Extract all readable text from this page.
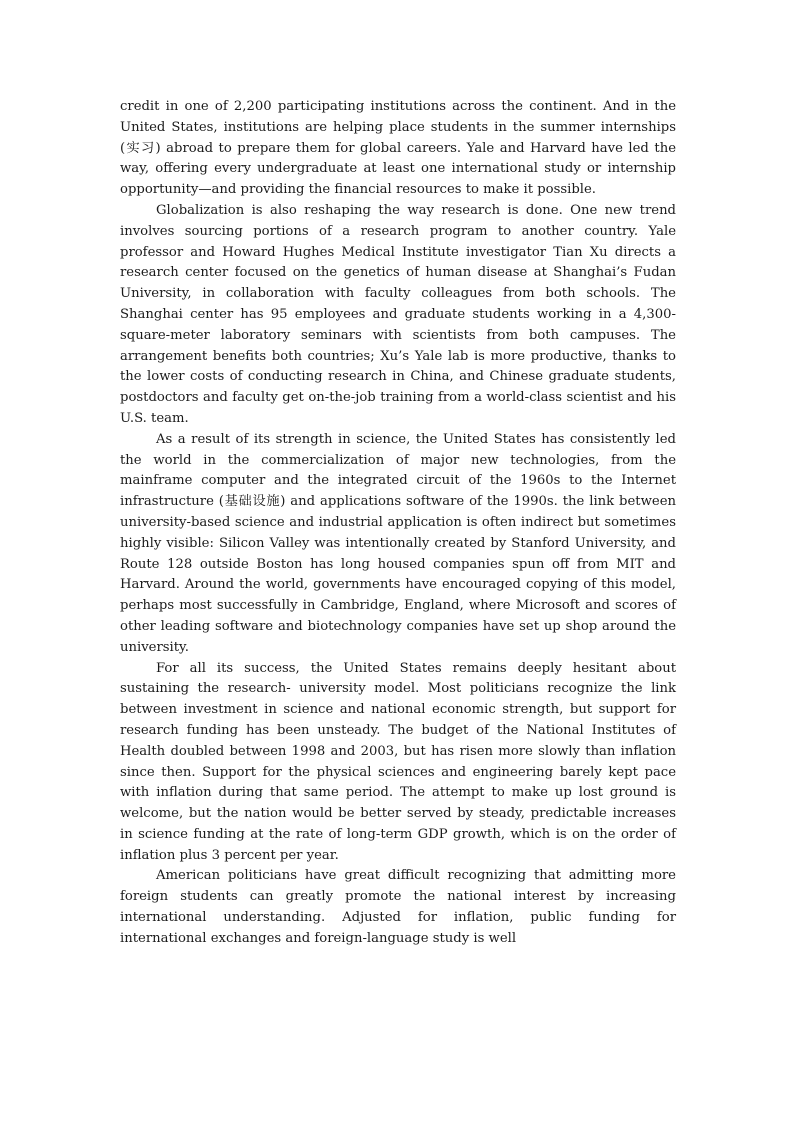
credit in one of 2,200 participating institutions across the continent. And in the United States, institutions are helping place students in the summer internships (实习) abroad to prepare them for global careers. Yale and Harvard have led the way, offering every undergraduate at least one international study or internship opportunity—and providing the financial resources to make it possible.

Globalization is also reshaping the way research is done. One new trend involves sourcing portions of a research program to another country. Yale professor and Howard Hughes Medical Institute investigator Tian Xu directs a research center focused on the genetics of human disease at Shanghai’s Fudan University, in collaboration with faculty colleagues from both schools. The Shanghai center has 95 employees and graduate students working in a 4,300-square-meter laboratory seminars with scientists from both campuses. The arrangement benefits both countries; Xu’s Yale lab is more productive, thanks to the lower costs of conducting research in China, and Chinese graduate students, postdoctors and faculty get on-the-job training from a world-class scientist and his U.S. team.

As a result of its strength in science, the United States has consistently led the world in the commercialization of major new technologies, from the mainframe computer and the integrated circuit of the 1960s to the Internet infrastructure (基础设施) and applications software of the 1990s. the link between university-based science and industrial application is often indirect but sometimes highly visible: Silicon Valley was intentionally created by Stanford University, and Route 128 outside Boston has long housed companies spun off from MIT and Harvard. Around the world, governments have encouraged copying of this model, perhaps most successfully in Cambridge, England, where Microsoft and scores of other leading software and biotechnology companies have set up shop around the university.

For all its success, the United States remains deeply hesitant about sustaining the research- university model. Most politicians recognize the link between investment in science and national economic strength, but support for research funding has been unsteady. The budget of the National Institutes of Health doubled between 1998 and 2003, but has risen more slowly than inflation since then. Support for the physical sciences and engineering barely kept pace with inflation during that same period. The attempt to make up lost ground is welcome, but the nation would be better served by steady, predictable increases in science funding at the rate of long-term GDP growth, which is on the order of inflation plus 3 percent per year.

American politicians have great difficult recognizing that admitting more foreign students can greatly promote the national interest by increasing international understanding. Adjusted for inflation, public funding for international exchanges and foreign-language study is well
